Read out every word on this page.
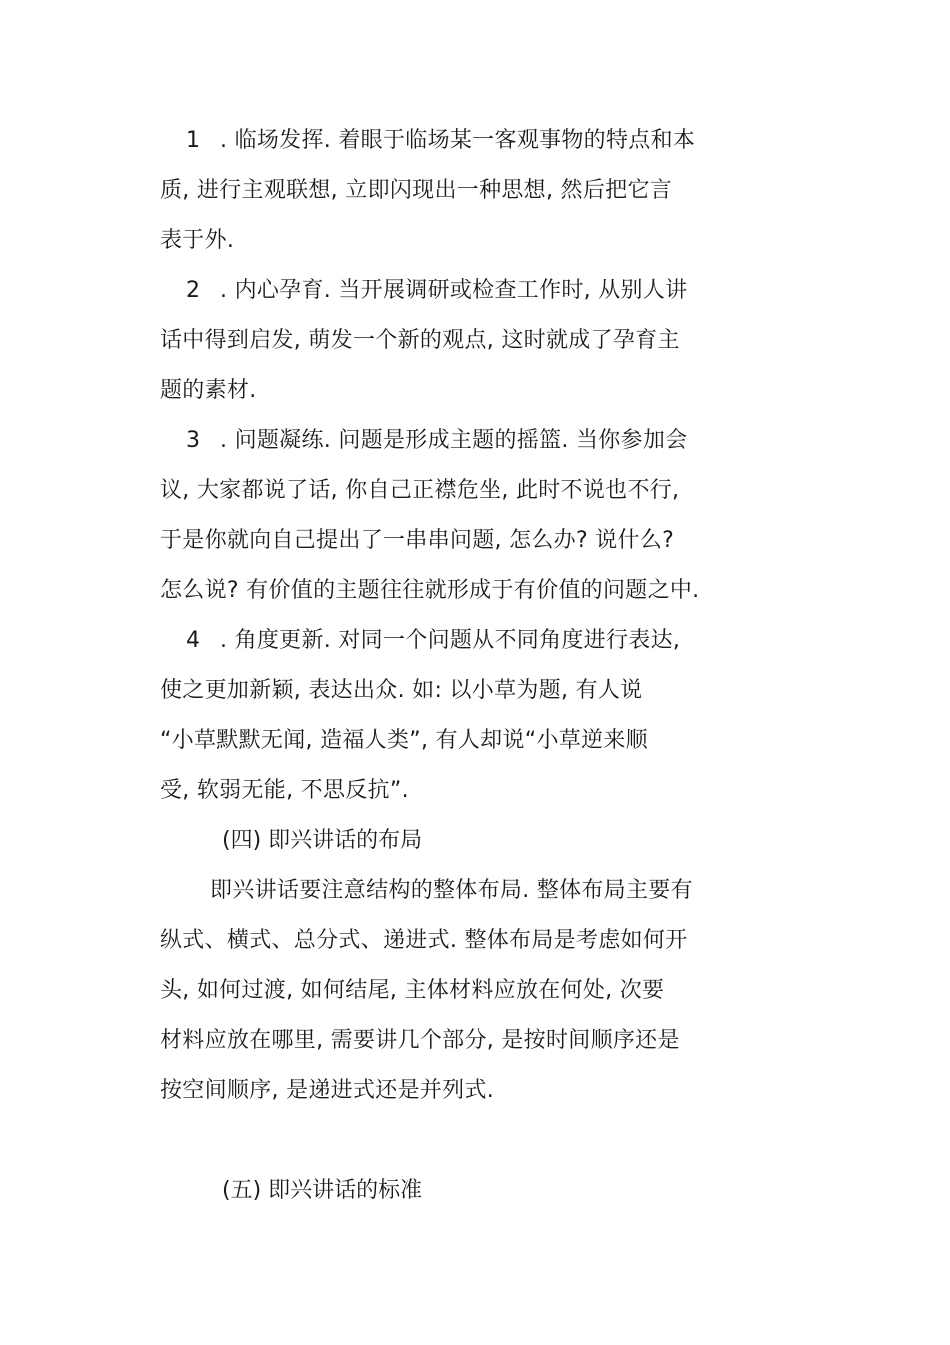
1 . 临场发挥. 着眼于临场某一客观事物的特点和本
质, 进行主观联想, 立即闪现出一种思想, 然后把它言
表于外.
2 . 内心孕育. 当开展调研或检查工作时, 从别人讲
话中得到启发, 萌发一个新的观点, 这时就成了孕育主
题的素材.
3 . 问题凝练. 问题是形成主题的摇篮. 当你参加会
议, 大家都说了话, 你自己正襟危坐, 此时不说也不行,
于是你就向自己提出了一串串问题, 怎么办? 说什么?
怎么说? 有价值的主题往往就形成于有价值的问题之中.
4 . 角度更新. 对同一个问题从不同角度进行表达,
使之更加新颖, 表达出众. 如: 以小草为题, 有人说
“小草默默无闻, 造福人类”, 有人却说“小草逆来顺
受, 软弱无能, 不思反抗”.
(四) 即兴讲话的布局
即兴讲话要注意结构的整体布局. 整体布局主要有
纵式、横式、总分式、递进式. 整体布局是考虑如何开
头, 如何过渡, 如何结尾, 主体材料应放在何处, 次要
材料应放在哪里, 需要讲几个部分, 是按时间顺序还是
按空间顺序, 是递进式还是并列式.
(五) 即兴讲话的标准
